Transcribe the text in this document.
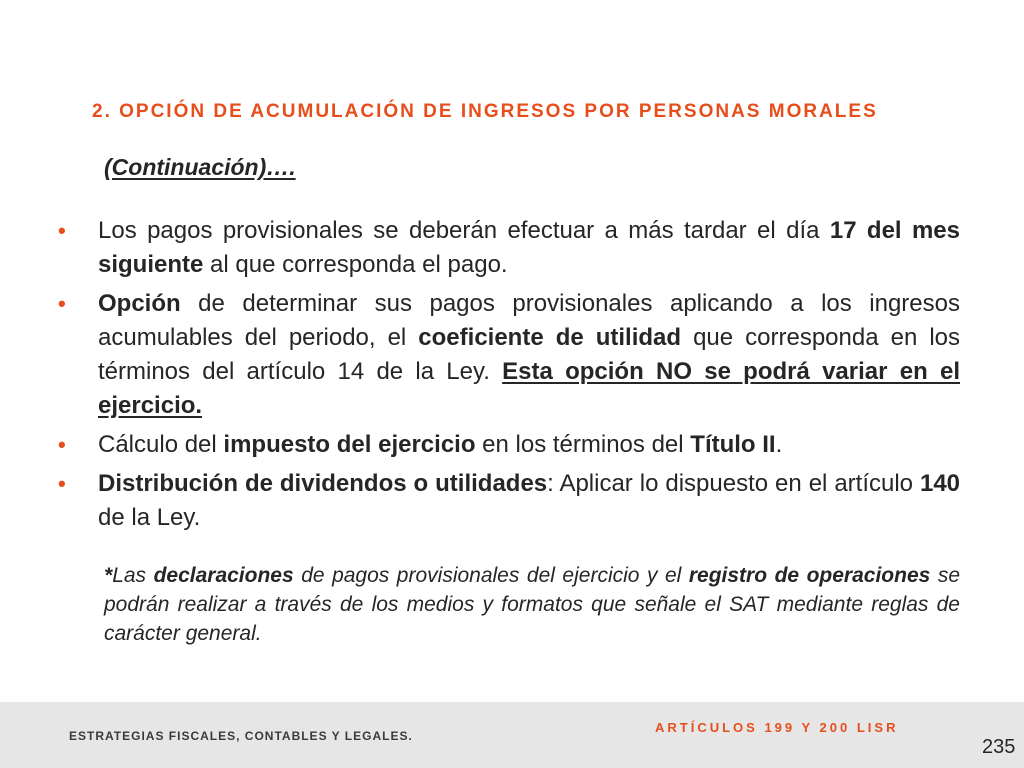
2. OPCIÓN DE ACUMULACIÓN DE INGRESOS POR PERSONAS MORALES

(Continuación)….

• Los pagos provisionales se deberán efectuar a más tardar el día 17 del mes siguiente al que corresponda el pago.
• Opción de determinar sus pagos provisionales aplicando a los ingresos acumulables del periodo, el coeficiente de utilidad que corresponda en los términos del artículo 14 de la Ley. Esta opción NO se podrá variar en el ejercicio.
• Cálculo del impuesto del ejercicio en los términos del Título II.
• Distribución de dividendos o utilidades: Aplicar lo dispuesto en el artículo 140 de la Ley.

*Las declaraciones de pagos provisionales del ejercicio y el registro de operaciones se podrán realizar a través de los medios y formatos que señale el SAT mediante reglas de carácter general.

ESTRATEGIAS FISCALES, CONTABLES Y LEGALES.

ARTÍCULOS 199 Y 200 LISR

235
